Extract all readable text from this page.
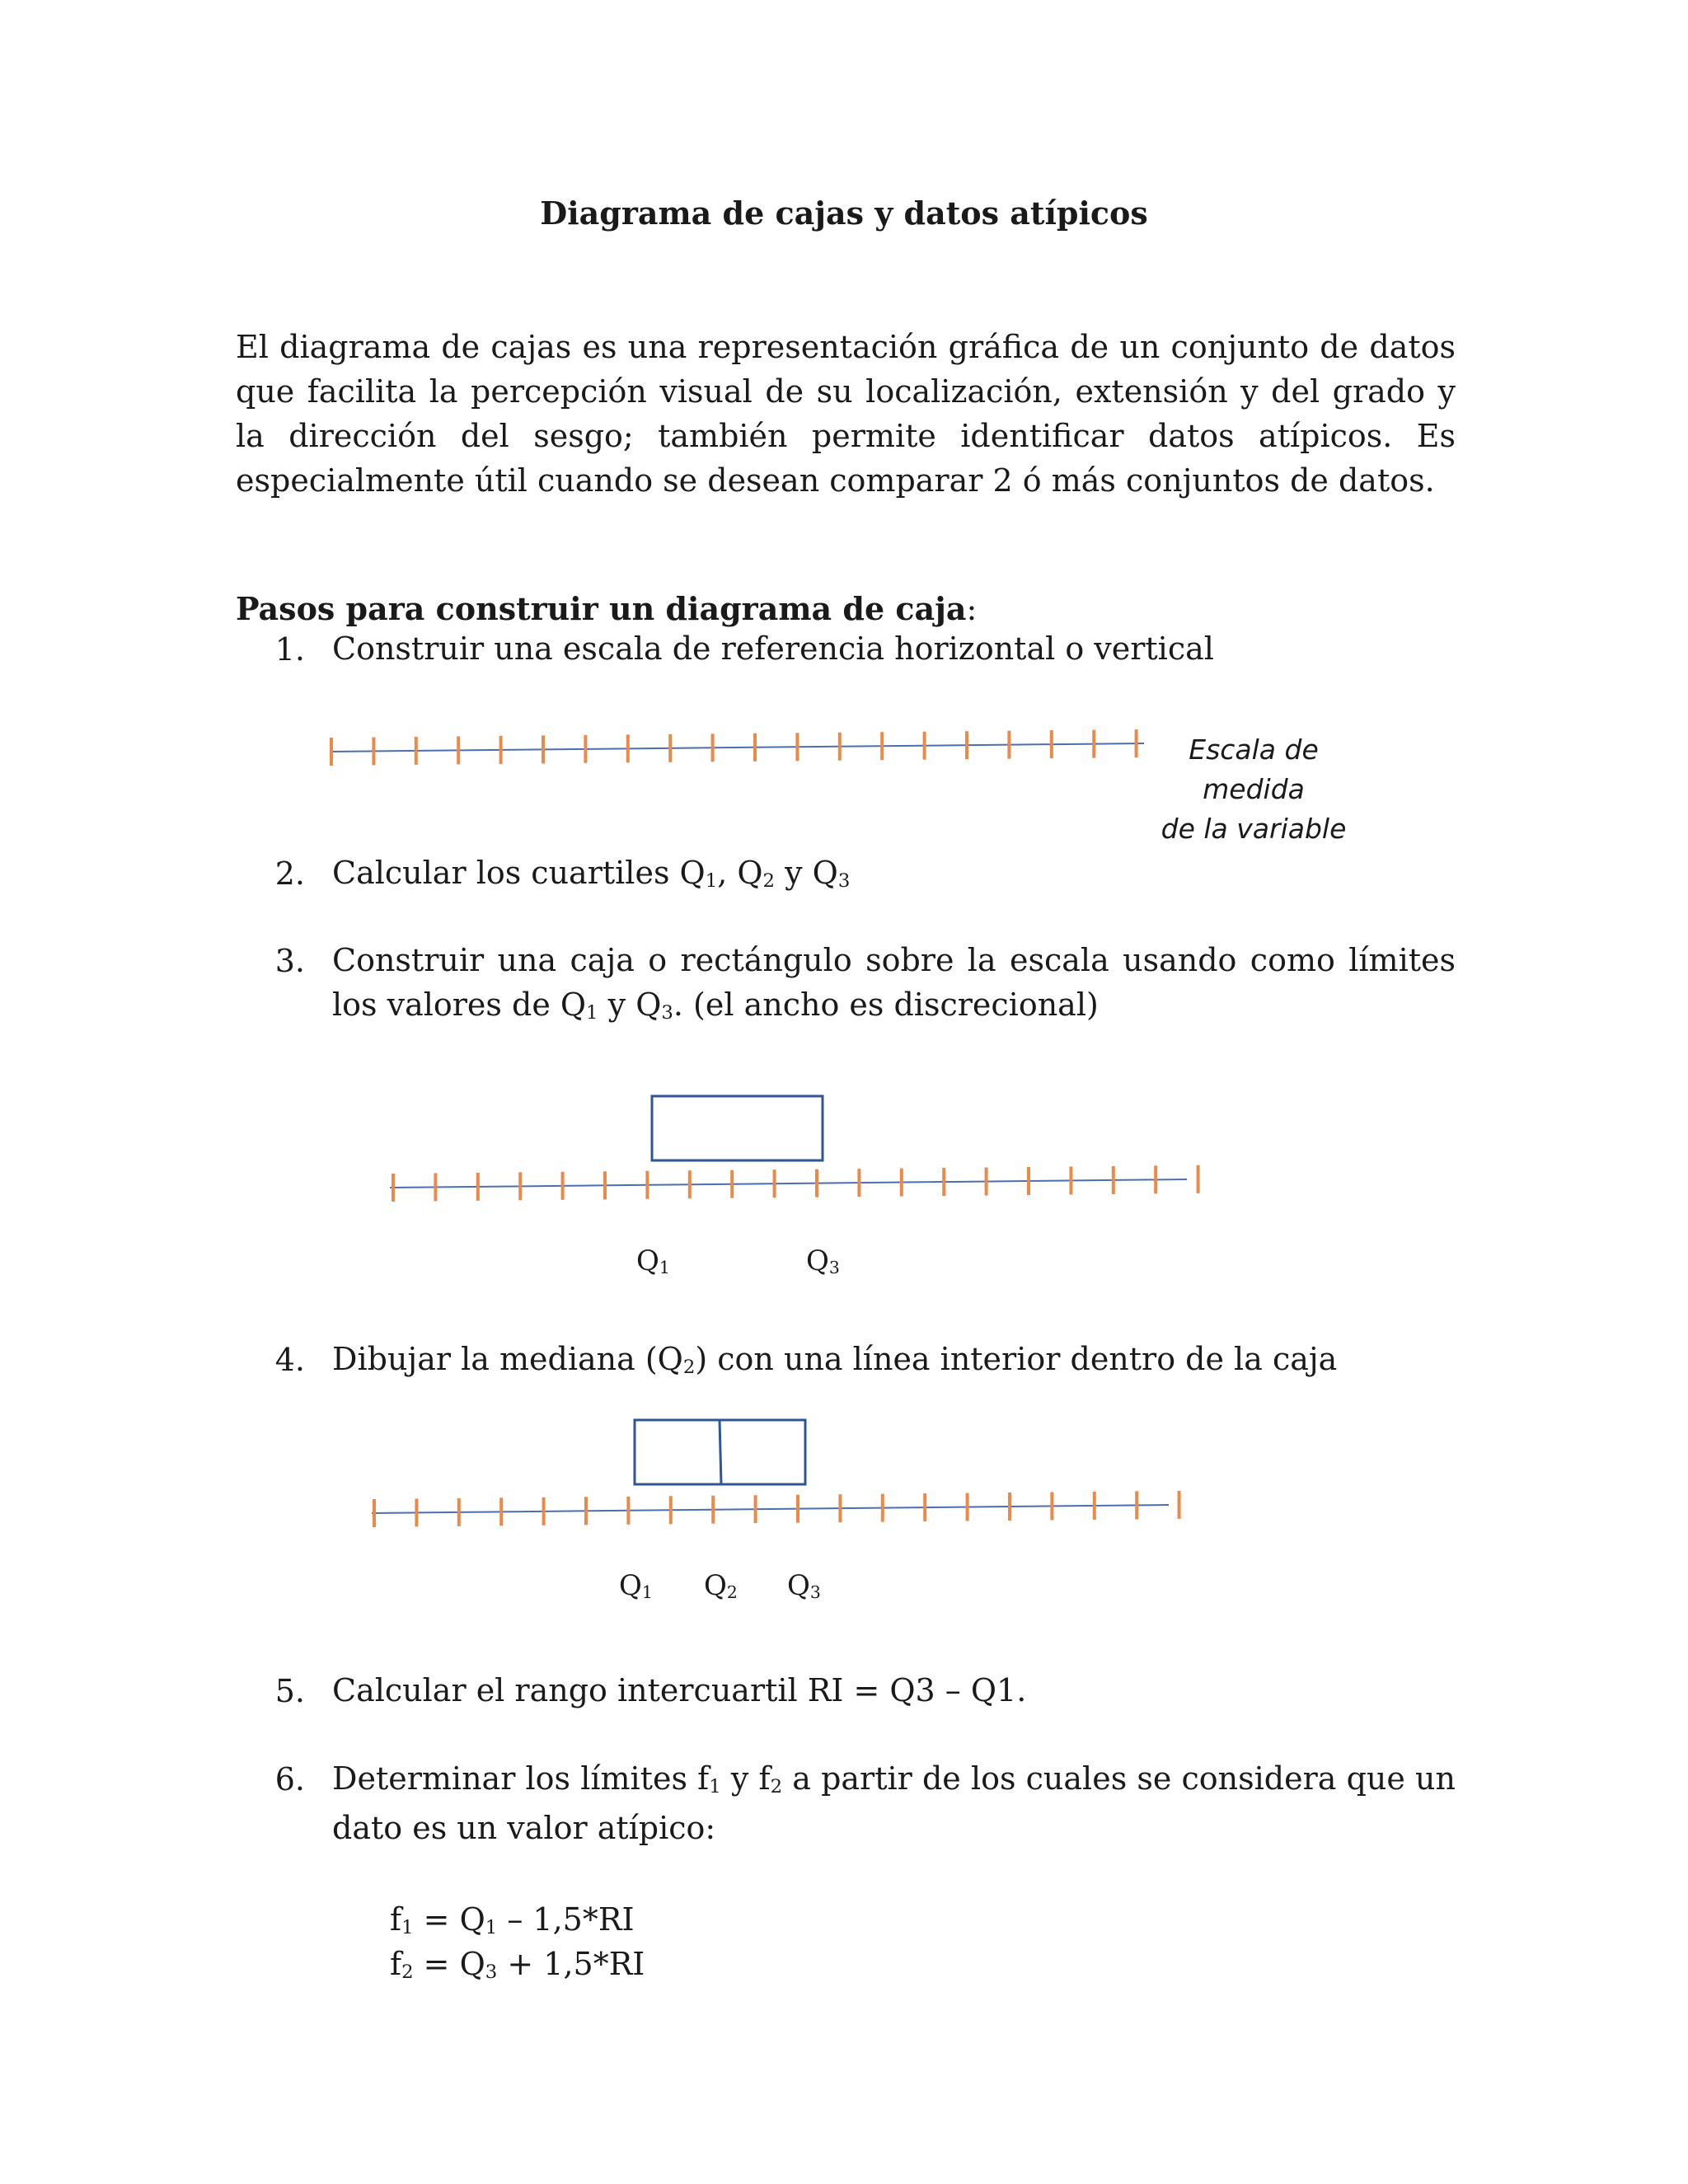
Diagrama de cajas y datos atípicos
El diagrama de cajas es una representación gráfica de un conjunto de datos que facilita la percepción visual de su localización, extensión y del grado y la dirección del sesgo; también permite identificar datos atípicos. Es especialmente útil cuando se desean comparar 2 ó más conjuntos de datos.
Pasos para construir un diagrama de caja:
1. Construir una escala de referencia horizontal o vertical
Escala de medida
de la variable
2. Calcular los cuartiles $Q_1$, $Q_2$ y $Q_3$
3. Construir una caja o rectángulo sobre la escala usando como límites los valores de $Q_1$ y $Q_3$. (el ancho es discrecional)
$Q_1$	$Q_3$
4. Dibujar la mediana $(Q_2)$ con una línea interior dentro de la caja
$Q_1$ $Q_2$ $Q_3$
5. Calcular el rango intercuartil RI = Q3 – Q1.
6. Determinar los límites $f_1$ y $f_2$ a partir de los cuales se considera que un dato es un valor atípico:
$f_1 = Q_1 - 1,5*RI$
$f_2 = Q_3 + 1,5*RI$
